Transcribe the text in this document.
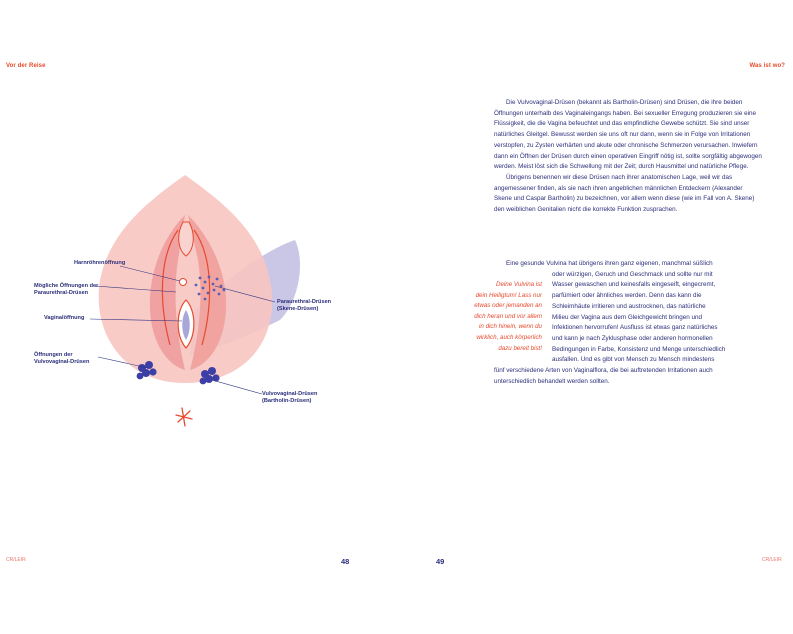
Vor der Reise	Was ist wo?
Harnröhrenöffnung
Mögliche Öffnungen der
Paraurethral-Drüsen
Vaginalöffnung
Öffnungen der
Vulvovaginal-Drüsen
Paraurethral-Drüsen
(Skene-Drüsen)
Vulvovaginal-Drüsen
(Bartholin-Drüsen)

Die Vulvovaginal-Drüsen (bekannt als Bartholin-Drüsen) sind Drüsen, die ihre beiden Öffnungen unterhalb des Vaginaleingangs haben. Bei sexueller Erregung produzieren sie eine Flüssigkeit, die die Vagina befeuchtet und das empfindliche Gewebe schützt. Sie sind unser natürliches Gleitgel. Bewusst werden sie uns oft nur dann, wenn sie in Folge von Irritationen verstopfen, zu Zysten verhärten und akute oder chronische Schmerzen verursachen. Inwiefern dann ein Öffnen der Drüsen durch einen operativen Eingriff nötig ist, sollte sorgfältig abgewogen werden. Meist löst sich die Schwellung mit der Zeit; durch Hausmittel und natürliche Pflege.

Übrigens benennen wir diese Drüsen nach ihrer anatomischen Lage, weil wir das angemessener finden, als sie nach ihren angeblichen männlichen Entdeckern (Alexander Skene und Caspar Bartholin) zu bezeichnen, vor allem wenn diese (wie im Fall von A. Skene) den weiblichen Genitalien nicht die korrekte Funktion zusprachen.

Eine gesunde Vulvina hat übrigens ihren ganz eigenen, manchmal süßlich
oder würzigen, Geruch und Geschmack und sollte nur mit
Wasser gewaschen und keinesfalls eingeseift, eingecremt,
parfümiert oder ähnliches werden. Denn das kann die
Schleimhäute irritieren und austrocknen, das natürliche
Milieu der Vagina aus dem Gleichgewicht bringen und
Infektionen hervorrufen! Ausfluss ist etwas ganz natürliches
und kann je nach Zyklusphase oder anderen hormonellen
Bedingungen in Farbe, Konsistenz und Menge unterschiedlich
ausfallen. Und es gibt von Mensch zu Mensch mindestens
fünf verschiedene Arten von Vaginalflora, die bei auftretenden Irritationen auch
unterschiedlich behandelt werden sollten.
Deine Vulvina ist
dein Heiligtum! Lass nur
etwas oder jemanden an
dich heran und vor allem
in dich hinein, wenn du
wirklich, auch körperlich
dazu bereit bist!
48	49
CR/LEIR	CR/LEIR
